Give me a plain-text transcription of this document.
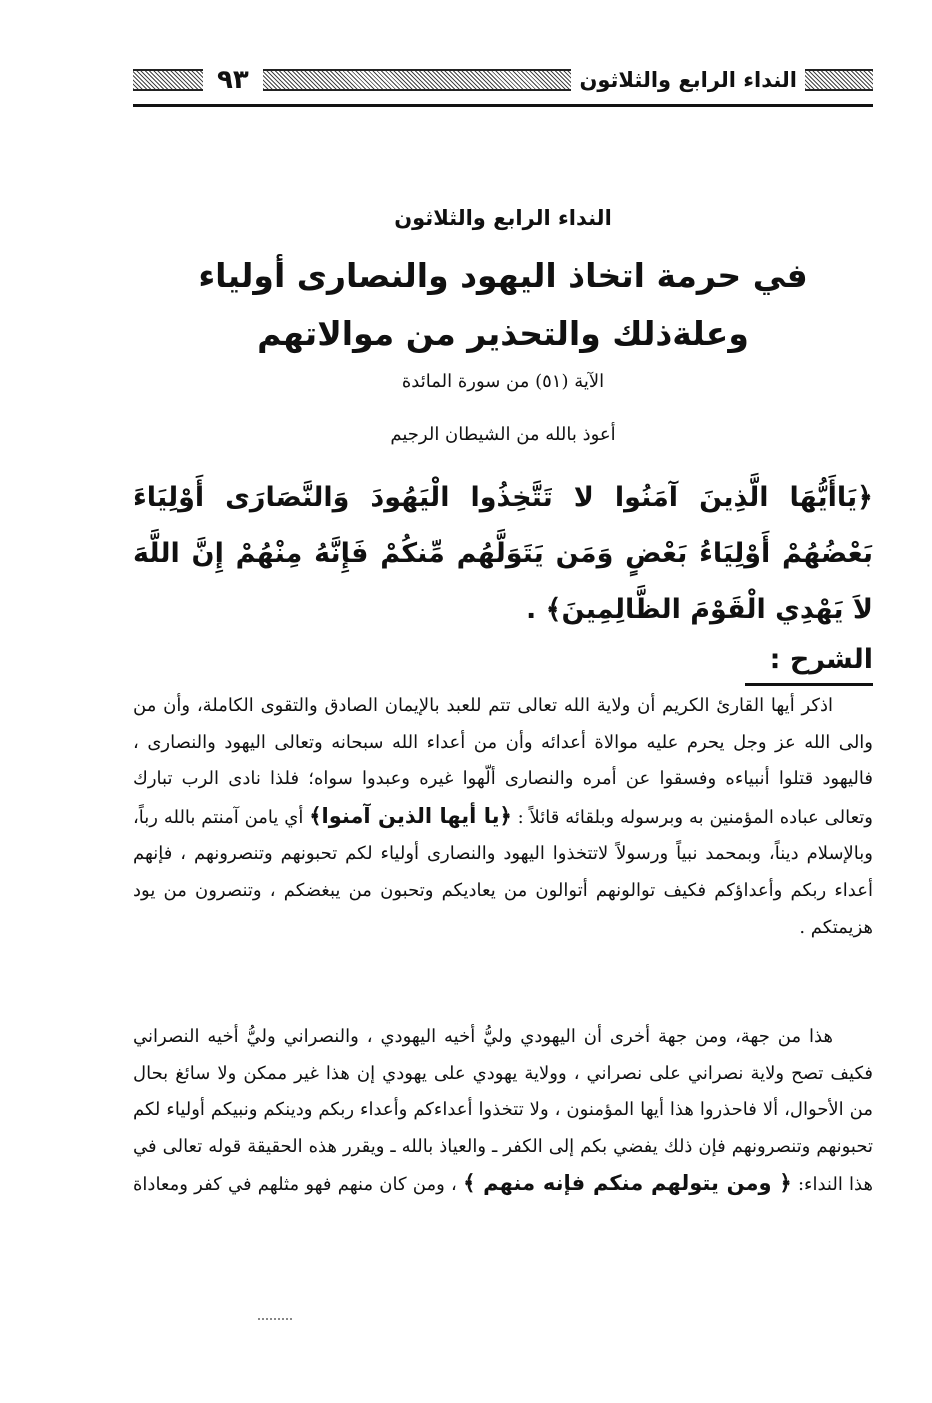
النداء الرابع والثلاثون
٩٣
النداء الرابع والثلاثون
في حرمة اتخاذ اليهود والنصارى أولياء
وعلةذلك والتحذير من موالاتهم
الآية (٥١) من سورة المائدة
أعوذ بالله من الشيطان الرجيم
﴿يَاأَيُّهَا الَّذِينَ آمَنُوا لا تَتَّخِذُوا الْيَهُودَ وَالنَّصَارَى أَوْلِيَاءَ بَعْضُهُمْ أَوْلِيَاءُ بَعْضٍ وَمَن يَتَوَلَّهُم مِّنكُمْ فَإِنَّهُ مِنْهُمْ إِنَّ اللَّهَ لاَ يَهْدِي الْقَوْمَ الظَّالِمِينَ﴾ .
الشرح :
اذكر أيها القارئ الكريم أن ولاية الله تعالى تتم للعبد بالإيمان الصادق والتقوى الكاملة، وأن من والى الله عز وجل يحرم عليه موالاة أعدائه وأن من أعداء الله سبحانه وتعالى اليهود والنصارى ، فاليهود قتلوا أنبياءه وفسقوا عن أمره والنصارى ألّهوا غيره وعبدوا سواه؛ فلذا نادى الرب تبارك وتعالى عباده المؤمنين به وبرسوله وبلقائه قائلاً : ﴿يا أيها الذين آمنوا﴾ أي يامن آمنتم بالله رباً، وبالإسلام ديناً، وبمحمد نبياً ورسولاً لاتتخذوا اليهود والنصارى أولياء لكم تحبونهم وتنصرونهم ، فإنهم أعداء ربكم وأعداؤكم فكيف توالونهم أتوالون من يعاديكم وتحبون من يبغضكم ، وتنصرون من يود هزيمتكم .
هذا من جهة، ومن جهة أخرى أن اليهودي وليُّ أخيه اليهودي ، والنصراني وليُّ أخيه النصراني فكيف تصح ولاية نصراني على نصراني ، وولاية يهودي على يهودي إن هذا غير ممكن ولا سائغ بحال من الأحوال، ألا فاحذروا هذا أيها المؤمنون ، ولا تتخذوا أعداءكم وأعداء ربكم ودينكم ونبيكم أولياء لكم تحبونهم وتنصرونهم فإن ذلك يفضي بكم إلى الكفر ـ والعياذ بالله ـ ويقرر هذه الحقيقة قوله تعالى في هذا النداء: ﴿ ومن يتولهم منكم فإنه منهم ﴾ ، ومن كان منهم فهو مثلهم في كفر ومعاداة
